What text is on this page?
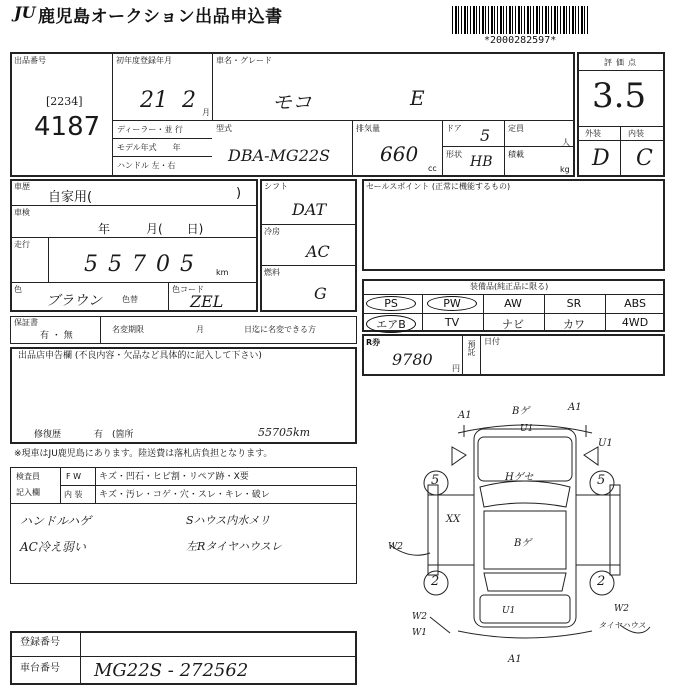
JU 鹿児島オークション出品申込書
*2000282597*
出品番号
[2234]
4187
初年度登録年月
21 2 月
車名・グレード
モコ	E
ディーラー・並 行
モデル年式　　年
ハンドル 左・右
型式
DBA-MG22S
排気量
660
cc
ドア 5 定員
人
形状 HB 積載
kg
評価点
3.5
外装	内装
D C
車歴
自家用(	)
車検
年　　　月(　　日)
走行
55705 km
色
ブラウン	色替
色コード
ZEL
シフト
DAT
冷房
AC
燃料
G
セールスポイント (正常に機能するもの)
装備品(純正品に限る)
PS	PW	AW	SR	ABS
エアB	TV	ナビ	カワ	4WD
保証書
有 ・ 無
名変期限	月	日迄に名変できる方
R券
9780 円
預託 日付
出品店申告欄 (不良内容・欠品など具体的に記入して下さい)
修復歴	有　(箇所	55705km
※現車はJU鹿児島にあります。陸送費は落札店負担となります。
検査員
記入欄
F W キズ・凹石・ヒビ割・リペア跡・X要
内 装 キズ・汚レ・コゲ・穴・スレ・キレ・破レ
ハンドルハゲ
AC冷え弱い
Sハウス内水メリ
左Rタイヤハウスレ
A1	Bゲ	A1
U1
U1
5	5
Hゲセ
XX
Bゲ
W2
2	2
W2
W1
U1	W2
タイヤハウス
A1
登録番号
車台番号 MG22S - 272562
